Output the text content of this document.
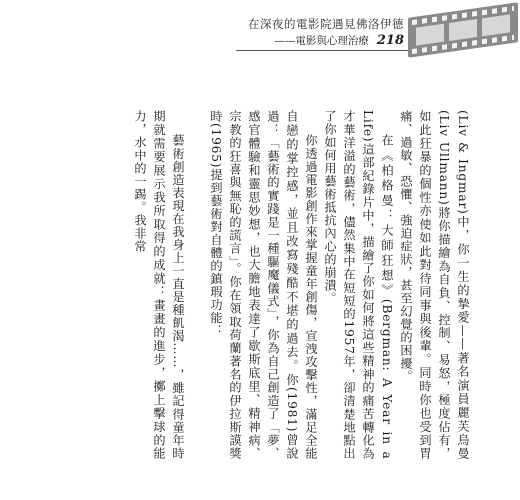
在深夜的電影院遇見佛洛伊德
——電影與心理治療 218

(Liv & Ingmar)中，你一生的摯愛——著名演員麗芙烏曼(Liv Ullmann)將你描繪為自負、控制、易怒，極度佔有，如此狂暴的個性亦使如此對待同事與後輩。同時你也受到胃痛、過敏、恐懼、強迫症狀，甚至幻覺的困擾。

在《柏格曼：大師狂想》(Bergman: A Year in a Life)這部紀錄片中，描繪了你如何將這些精神的痛苦轉化為才華洋溢的藝術，儘然集中在短短的1957年，卻清楚地點出了你如何用藝術抵抗內心的崩潰。

你透過電影創作來掌握童年創傷，宣洩攻擊性，滿足全能自戀的掌控感，並且改寫殘酷不堪的過去。你(1981)曾說過：「藝術的實踐是一種驅魔儀式」，你為自己創造了「夢、感官體驗和靈思妙想，也大膽地表達了歇斯底里、精神病、宗教的狂喜與無恥的謊言」。你在領取荷蘭著名的伊拉斯謨獎時(1965)提到藝術對自體的鎮瑕功能：

藝術創造表現在我身上一直是種飢渴……，雖記得童年時期就需要展示我所取得的成就：畫畫的進步，擲上擊球的能力，水中的一踢。我非常
